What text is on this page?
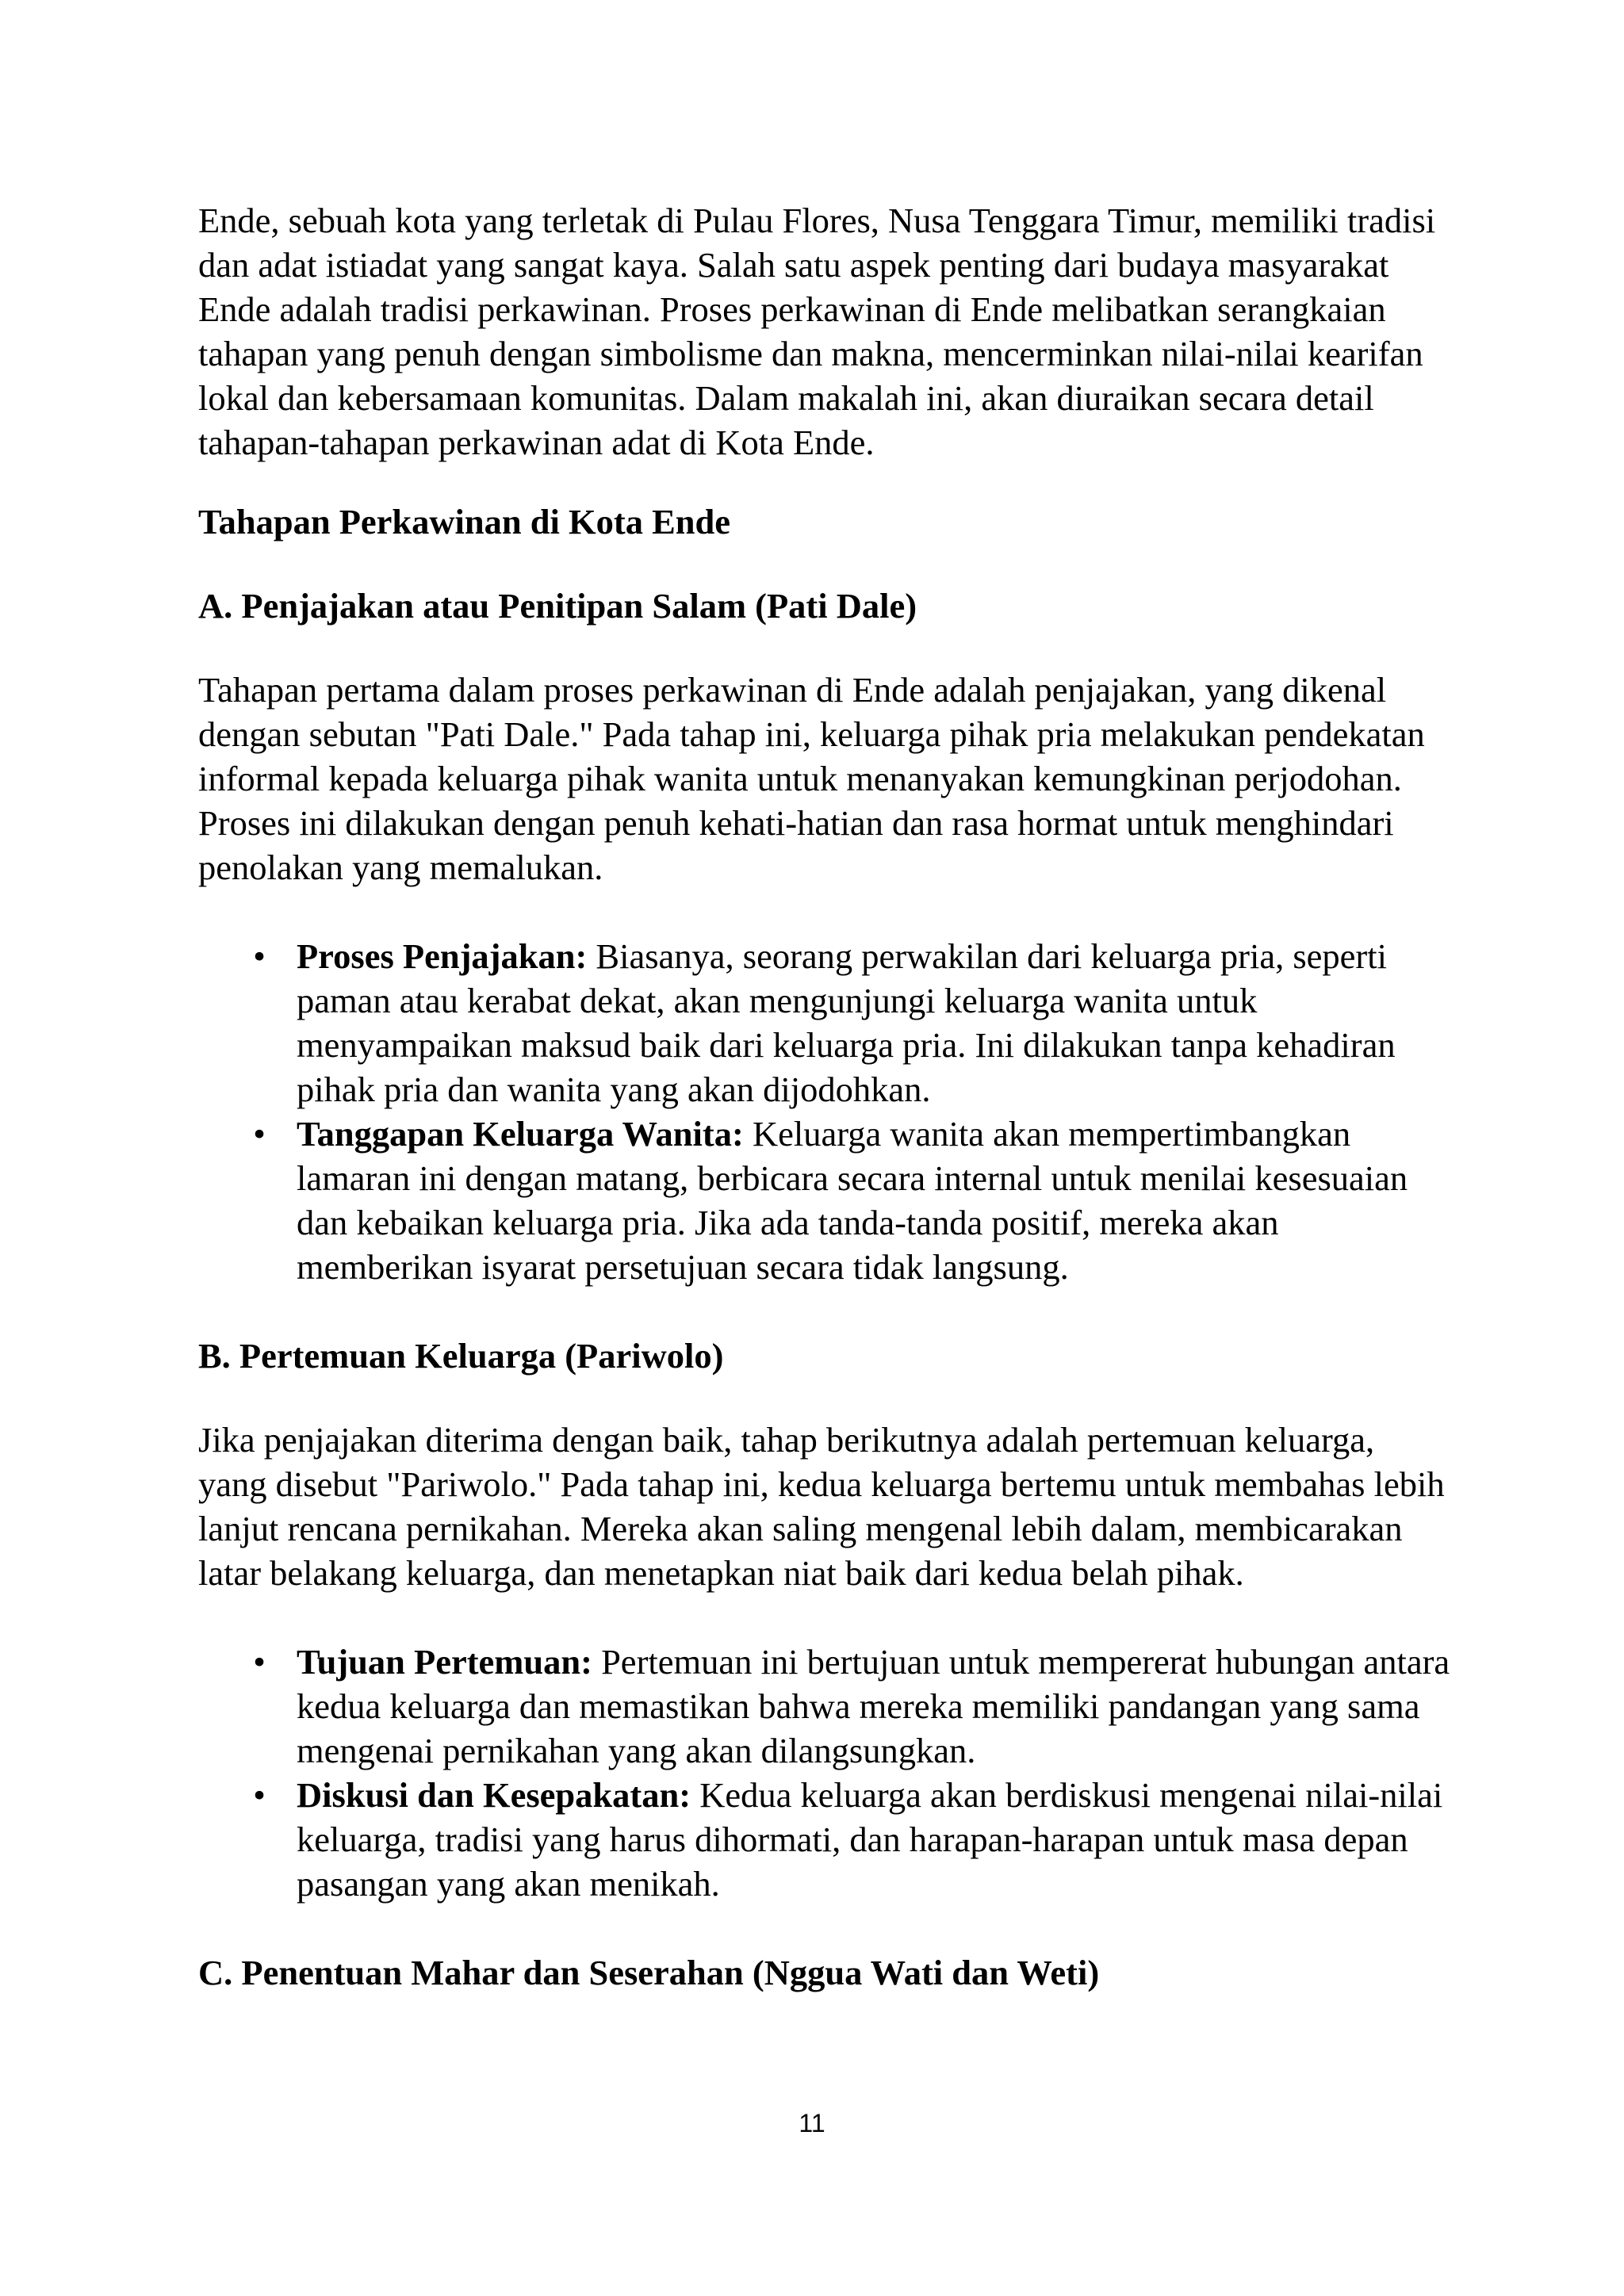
Ende, sebuah kota yang terletak di Pulau Flores, Nusa Tenggara Timur, memiliki tradisi dan adat istiadat yang sangat kaya. Salah satu aspek penting dari budaya masyarakat Ende adalah tradisi perkawinan. Proses perkawinan di Ende melibatkan serangkaian tahapan yang penuh dengan simbolisme dan makna, mencerminkan nilai-nilai kearifan lokal dan kebersamaan komunitas. Dalam makalah ini, akan diuraikan secara detail tahapan-tahapan perkawinan adat di Kota Ende.

Tahapan Perkawinan di Kota Ende

A. Penjajakan atau Penitipan Salam (Pati Dale)

Tahapan pertama dalam proses perkawinan di Ende adalah penjajakan, yang dikenal dengan sebutan "Pati Dale." Pada tahap ini, keluarga pihak pria melakukan pendekatan informal kepada keluarga pihak wanita untuk menanyakan kemungkinan perjodohan. Proses ini dilakukan dengan penuh kehati-hatian dan rasa hormat untuk menghindari penolakan yang memalukan.

• Proses Penjajakan: Biasanya, seorang perwakilan dari keluarga pria, seperti paman atau kerabat dekat, akan mengunjungi keluarga wanita untuk menyampaikan maksud baik dari keluarga pria. Ini dilakukan tanpa kehadiran pihak pria dan wanita yang akan dijodohkan.
• Tanggapan Keluarga Wanita: Keluarga wanita akan mempertimbangkan lamaran ini dengan matang, berbicara secara internal untuk menilai kesesuaian dan kebaikan keluarga pria. Jika ada tanda-tanda positif, mereka akan memberikan isyarat persetujuan secara tidak langsung.

B. Pertemuan Keluarga (Pariwolo)

Jika penjajakan diterima dengan baik, tahap berikutnya adalah pertemuan keluarga, yang disebut "Pariwolo." Pada tahap ini, kedua keluarga bertemu untuk membahas lebih lanjut rencana pernikahan. Mereka akan saling mengenal lebih dalam, membicarakan latar belakang keluarga, dan menetapkan niat baik dari kedua belah pihak.

• Tujuan Pertemuan: Pertemuan ini bertujuan untuk mempererat hubungan antara kedua keluarga dan memastikan bahwa mereka memiliki pandangan yang sama mengenai pernikahan yang akan dilangsungkan.
• Diskusi dan Kesepakatan: Kedua keluarga akan berdiskusi mengenai nilai-nilai keluarga, tradisi yang harus dihormati, dan harapan-harapan untuk masa depan pasangan yang akan menikah.

C. Penentuan Mahar dan Seserahan (Nggua Wati dan Weti)

11
